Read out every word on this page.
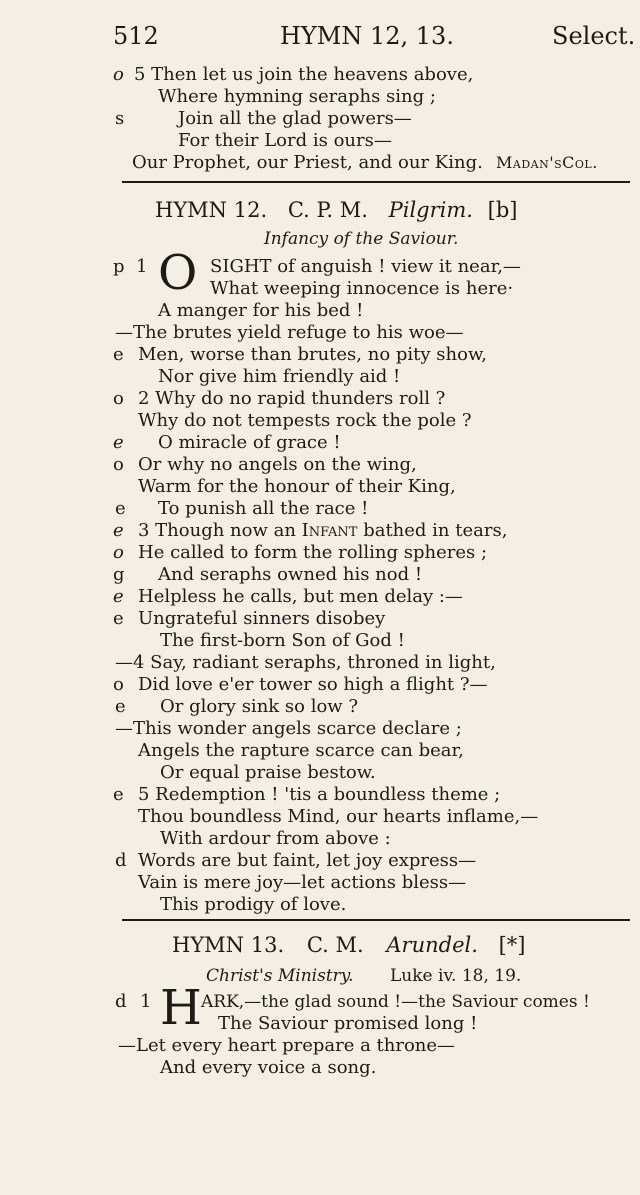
512	HYMN 12, 13.	Select.
o 5 Then let us join the heavens above,
Where hymning seraphs sing ;
s	Join all the glad powers—
For their Lord is ours—
Our Prophet, our Priest, and our King. Madan'sCol.
HYMN 12. C. P. M. Pilgrim. [b]
Infancy of the Saviour.
p 1 O SIGHT of anguish ! view it near,—
What weeping innocence is here·
A manger for his bed !
—The brutes yield refuge to his woe—
e Men, worse than brutes, no pity show,
Nor give him friendly aid !
o 2 Why do no rapid thunders roll ?
Why do not tempests rock the pole ?
e O miracle of grace !
o Or why no angels on the wing,
Warm for the honour of their King,
e To punish all the race !
e 3 Though now an Infant bathed in tears,
o He called to form the rolling spheres ;
g And seraphs owned his nod !
e Helpless he calls, but men delay :—
e Ungrateful sinners disobey
The first-born Son of God !
—4 Say, radiant seraphs, throned in light,
o Did love e'er tower so high a flight ?—
e Or glory sink so low ?
—This wonder angels scarce declare ;
Angels the rapture scarce can bear,
Or equal praise bestow.
e 5 Redemption ! 'tis a boundless theme ;
Thou boundless Mind, our hearts inflame,—
With ardour from above :
d Words are but faint, let joy express—
Vain is mere joy—let actions bless—
This prodigy of love.
HYMN 13. C. M. Arundel. [*]
Christ's Ministry. Luke iv. 18, 19.
d 1 H ARK,—the glad sound !—the Saviour comes !
The Saviour promised long !
—Let every heart prepare a throne—
And every voice a song.
